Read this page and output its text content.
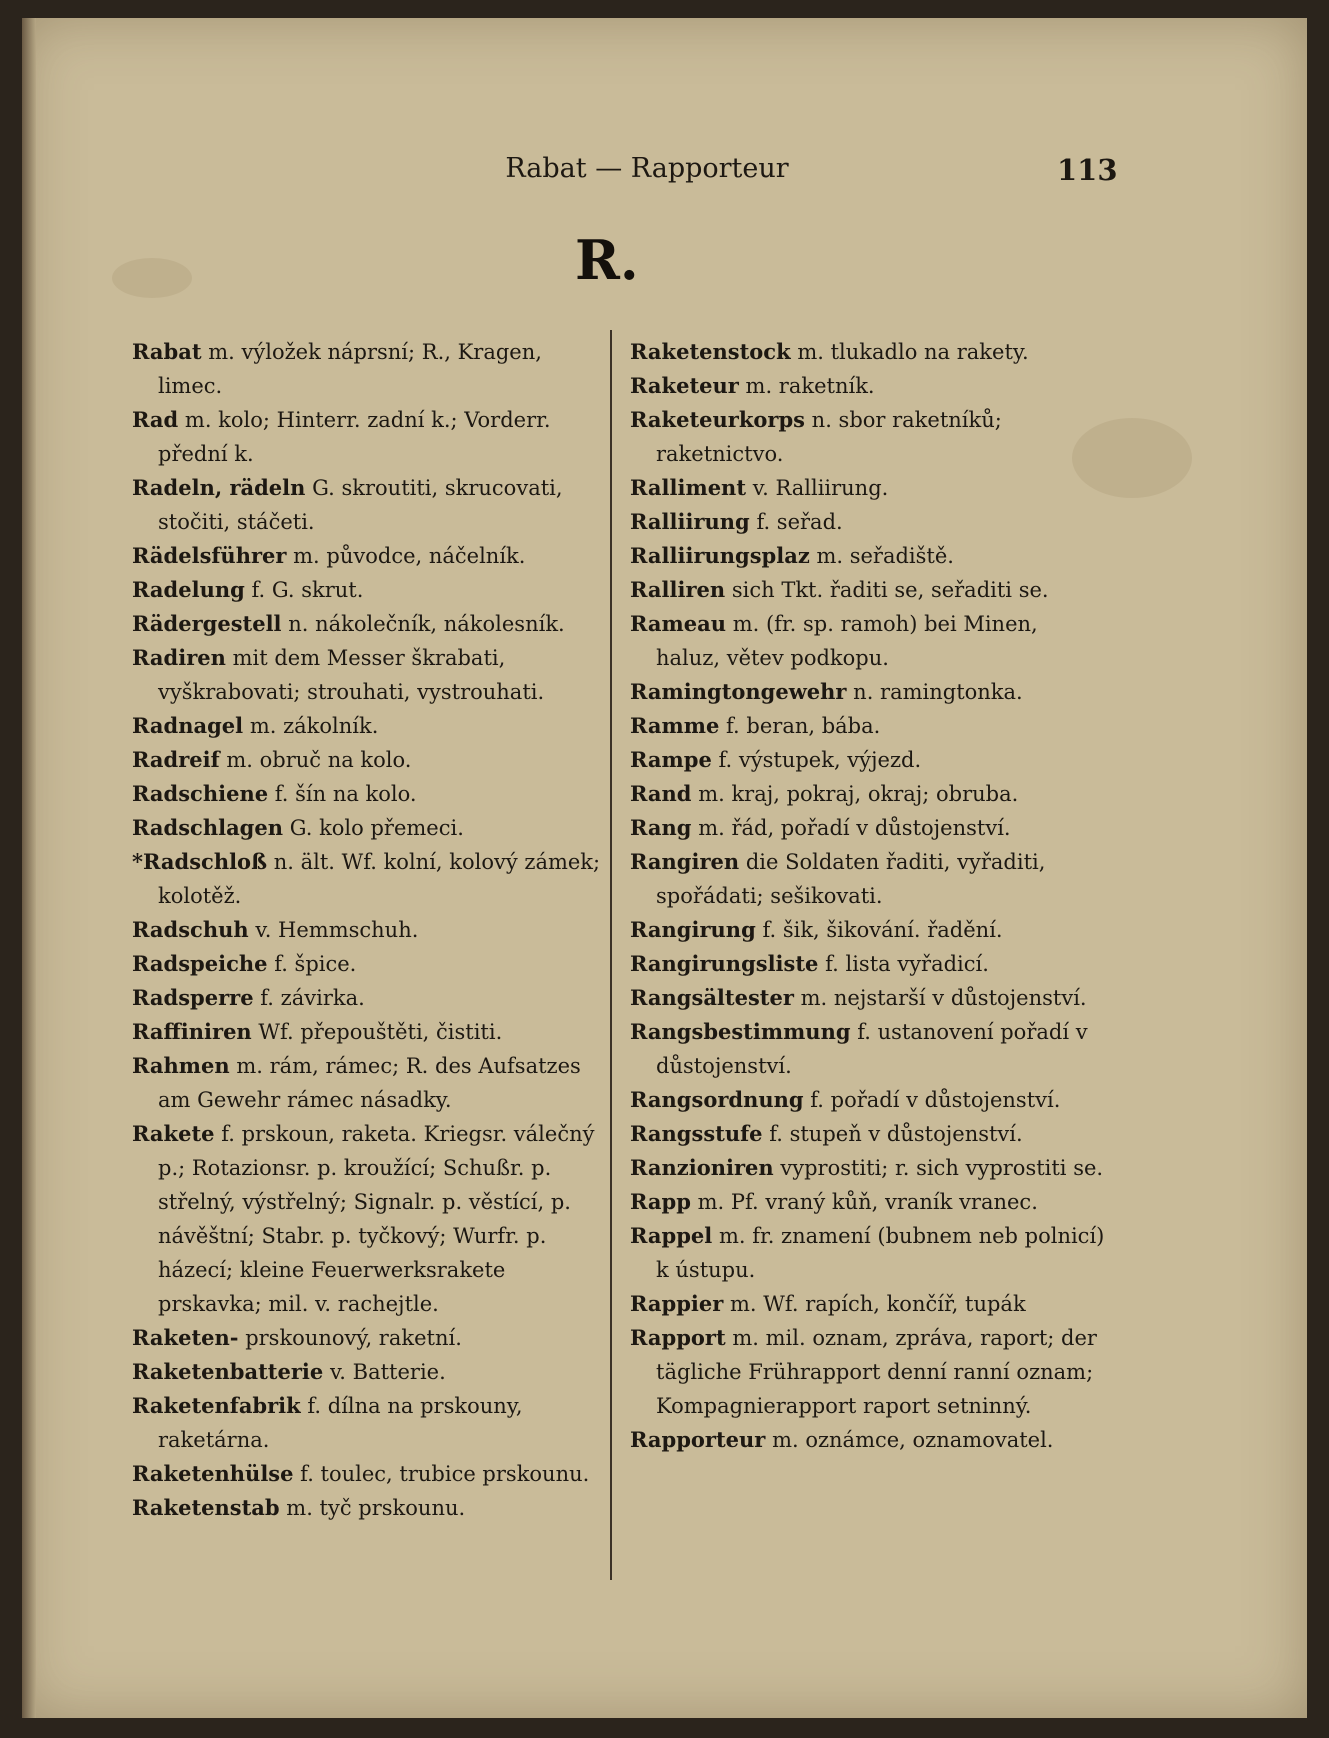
Rabat — Rapporteur	113
R.

Rabat m. výložek náprsní; R., Kragen, limec.

Rad m. kolo; Hinterr. zadní k.; Vorderr. přední k.

Radeln, rädeln G. skroutiti, skrucovati, stočiti, stáčeti.

Rädelsführer m. původce, náčelník.

Radelung f. G. skrut.

Rädergestell n. nákolečník, nákolesník.

Radiren mit dem Messer škrabati, vyškrabovati; strouhati, vystrouhati.

Radnagel m. zákolník.

Radreif m. obruč na kolo.

Radschiene f. šín na kolo.

Radschlagen G. kolo přemeci.

*Radschloß n. ält. Wf. kolní, kolový zámek; kolotěž.

Radschuh v. Hemmschuh.

Radspeiche f. špice.

Radsperre f. závirka.

Raffiniren Wf. přepouštěti, čistiti.

Rahmen m. rám, rámec; R. des Aufsatzes am Gewehr rámec násadky.

Rakete f. prskoun, raketa. Kriegsr. válečný p.; Rotazionsr. p. kroužící; Schußr. p. střelný, výstřelný; Signalr. p. věstící, p. návěštní; Stabr. p. tyčkový; Wurfr. p. házecí; kleine Feuerwerksrakete prskavka; mil. v. rachejtle.

Raketen- prskounový, raketní.

Raketenbatterie v. Batterie.

Raketenfabrik f. dílna na prskouny, raketárna.

Raketenhülse f. toulec, trubice prskounu.

Raketenstab m. tyč prskounu.

Raketenstock m. tlukadlo na rakety.

Raketeur m. raketník.

Raketeurkorps n. sbor raketníků; raketnictvo.

Ralliment v. Ralliirung.

Ralliirung f. seřad.

Ralliirungsplaz m. seřadiště.

Ralliren sich Tkt. řaditi se, seřaditi se.

Rameau m. (fr. sp. ramoh) bei Minen, haluz, větev podkopu.

Ramingtongewehr n. ramingtonka.

Ramme f. beran, bába.

Rampe f. výstupek, výjezd.

Rand m. kraj, pokraj, okraj; obruba.

Rang m. řád, pořadí v důstojenství.

Rangiren die Soldaten řaditi, vyřaditi, spořádati; sešikovati.

Rangirung f. šik, šikování. řadění.

Rangirungsliste f. lista vyřadicí.

Rangsältester m. nejstarší v důstojenství.

Rangsbestimmung f. ustanovení pořadí v důstojenství.

Rangsordnung f. pořadí v důstojenství.

Rangsstufe f. stupeň v důstojenství.

Ranzioniren vyprostiti; r. sich vyprostiti se.

Rapp m. Pf. vraný kůň, vraník vranec.

Rappel m. fr. znamení (bubnem neb polnicí) k ústupu.

Rappier m. Wf. rapích, končíř, tupák

Rapport m. mil. oznam, zpráva, raport; der tägliche Frührapport denní ranní oznam; Kompagnierapport raport setninný.

Rapporteur m. oznámce, oznamovatel.
